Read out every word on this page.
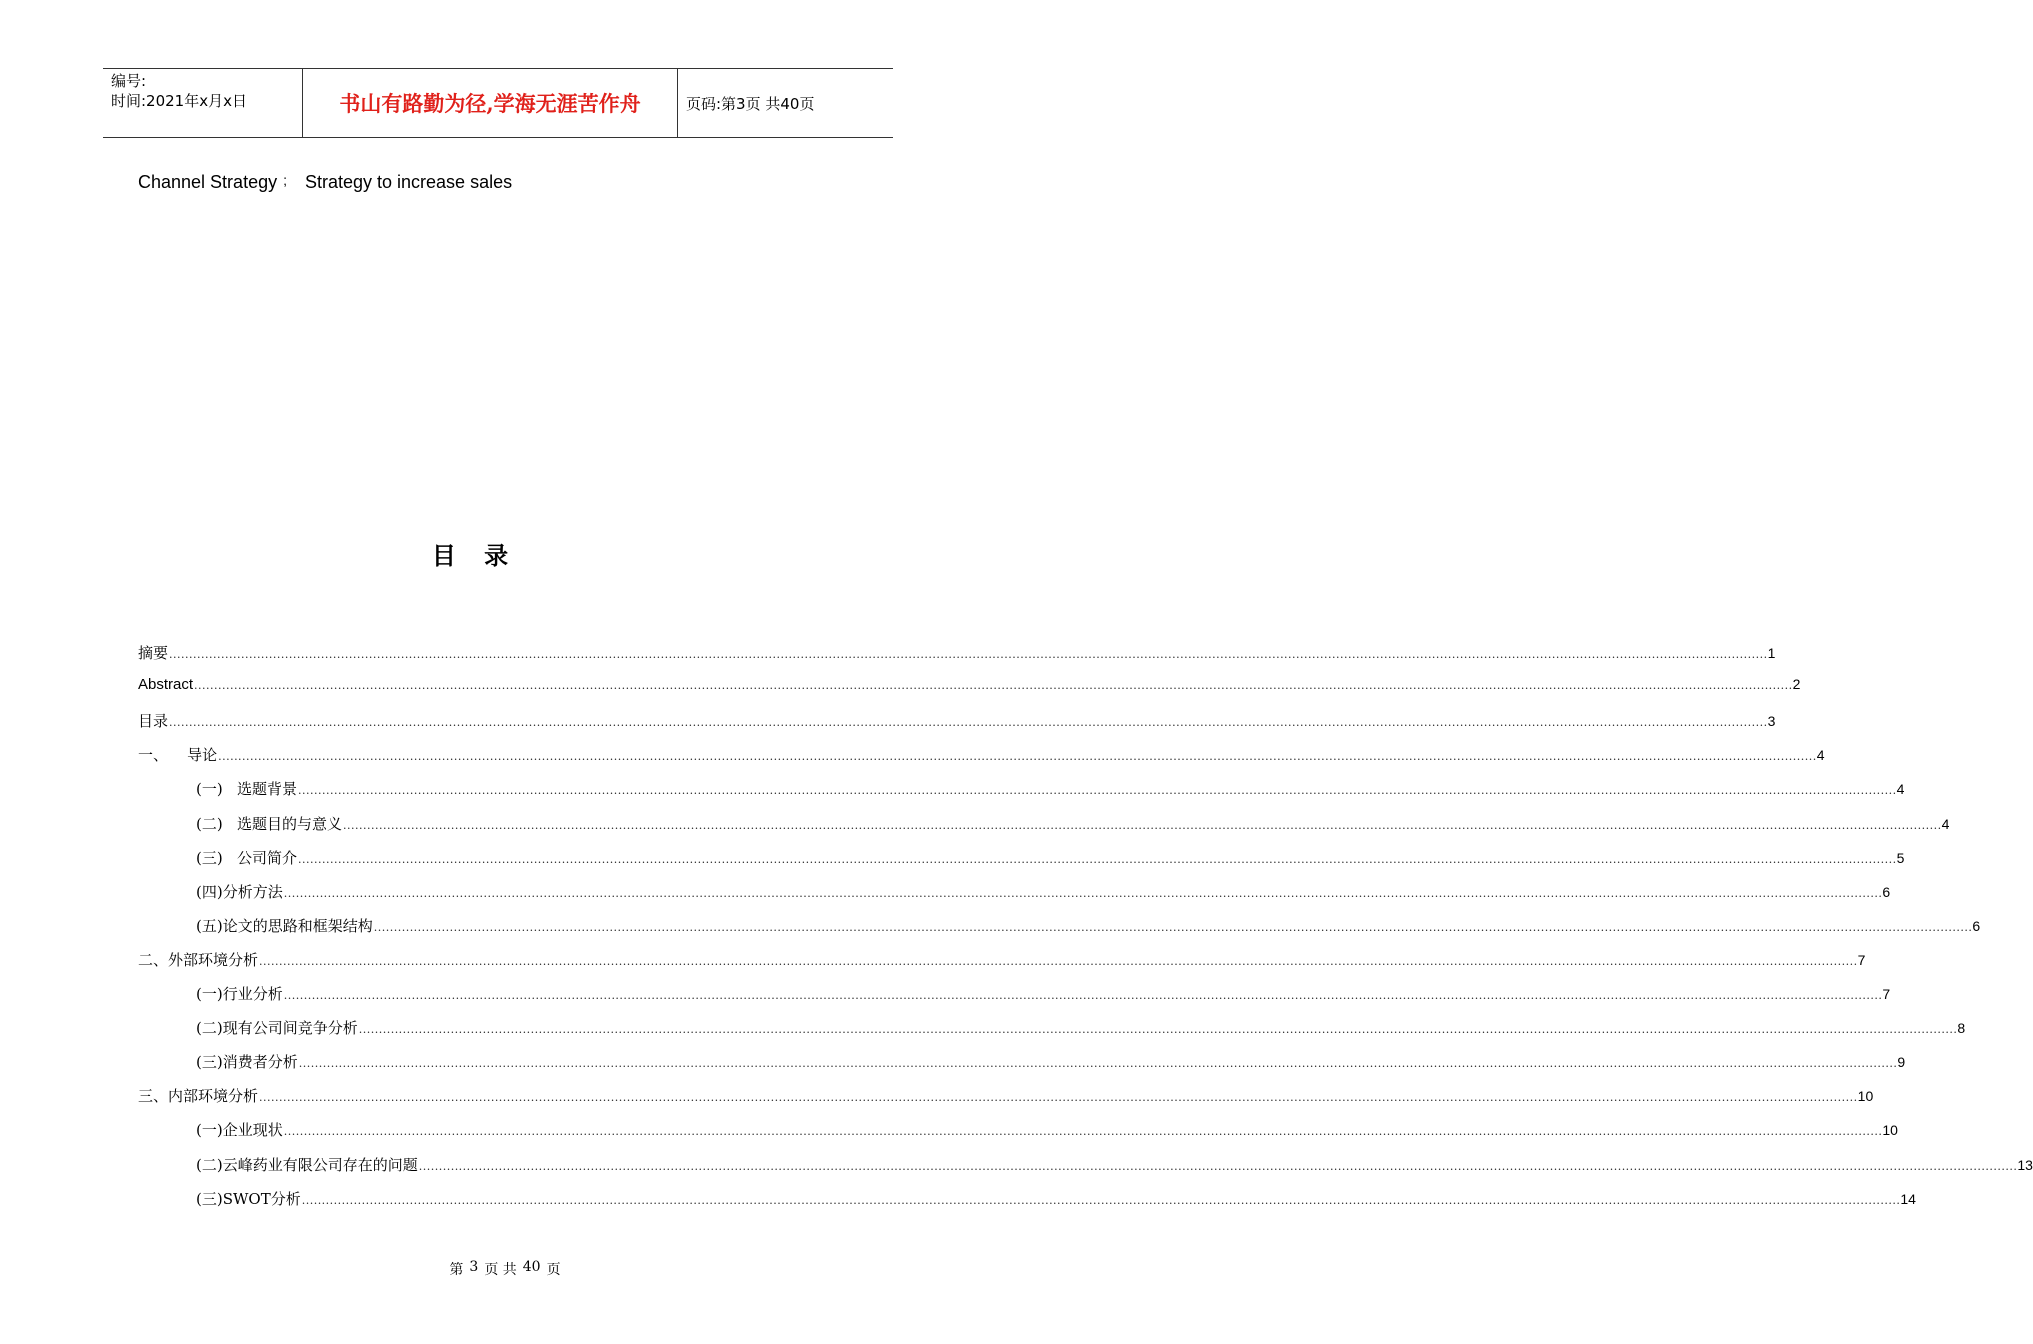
编号:
时间:2021年x月x日	书山有路勤为径,学海无涯苦作舟	页码:第3页 共40页
Channel Strategy ; Strategy to increase sales
目 录
摘要 ................................................................................................................................................................................................................................................................................................................................................................................................................ 1
Abstract ................................................................................................................................................................................................................................................................................................................................................................................................................ 2
目录 ................................................................................................................................................................................................................................................................................................................................................................................................................ 3
一、    导论 ................................................................................................................................................................................................................................................................................................................................................................................................................ 4
(一)   选题背景 ................................................................................................................................................................................................................................................................................................................................................................................................................ 4
(二)   选题目的与意义 ................................................................................................................................................................................................................................................................................................................................................................................................................ 4
(三)   公司简介 ................................................................................................................................................................................................................................................................................................................................................................................................................ 5
(四)分析方法 ................................................................................................................................................................................................................................................................................................................................................................................................................ 6
(五)论文的思路和框架结构 ................................................................................................................................................................................................................................................................................................................................................................................................................ 6
二、外部环境分析 ................................................................................................................................................................................................................................................................................................................................................................................................................ 7
(一)行业分析 ................................................................................................................................................................................................................................................................................................................................................................................................................ 7
(二)现有公司间竞争分析 ................................................................................................................................................................................................................................................................................................................................................................................................................ 8
(三)消费者分析 ................................................................................................................................................................................................................................................................................................................................................................................................................ 9
三、内部环境分析 ................................................................................................................................................................................................................................................................................................................................................................................................................ 10
(一)企业现状 ................................................................................................................................................................................................................................................................................................................................................................................................................ 10
(二)云峰药业有限公司存在的问题 ................................................................................................................................................................................................................................................................................................................................................................................................................ 13
(三)SWOT分析 ................................................................................................................................................................................................................................................................................................................................................................................................................ 14
第 3 页 共 40 页
